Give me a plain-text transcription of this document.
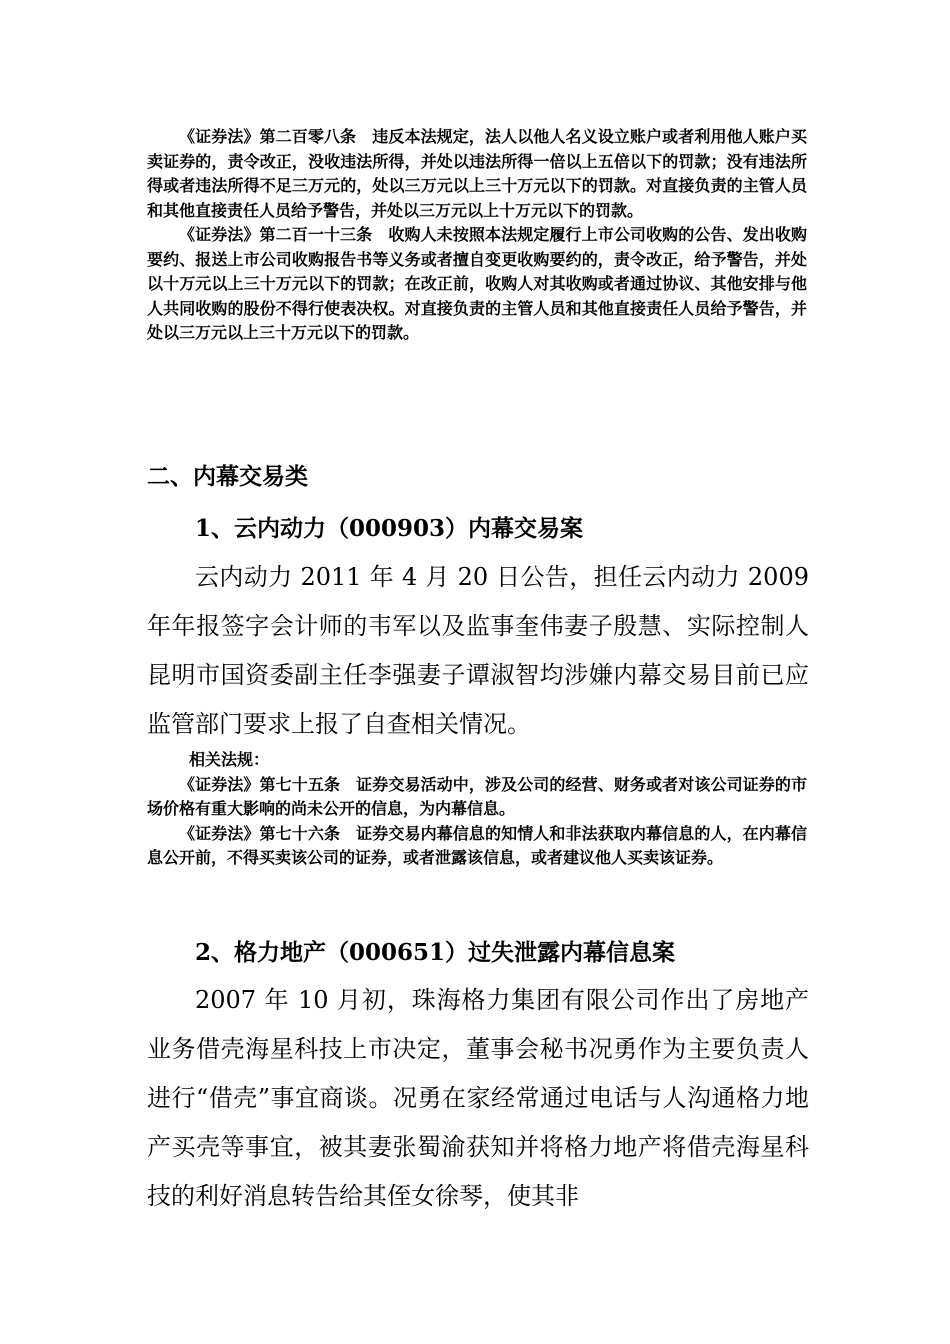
《证券法》第二百零八条　违反本法规定，法人以他人名义设立账户或者利用他人账户买卖证券的，责令改正，没收违法所得，并处以违法所得一倍以上五倍以下的罚款；没有违法所得或者违法所得不足三万元的，处以三万元以上三十万元以下的罚款。对直接负责的主管人员和其他直接责任人员给予警告，并处以三万元以上十万元以下的罚款。

《证券法》第二百一十三条　收购人未按照本法规定履行上市公司收购的公告、发出收购要约、报送上市公司收购报告书等义务或者擅自变更收购要约的，责令改正，给予警告，并处以十万元以上三十万元以下的罚款；在改正前，收购人对其收购或者通过协议、其他安排与他人共同收购的股份不得行使表决权。对直接负责的主管人员和其他直接责任人员给予警告，并处以三万元以上三十万元以下的罚款。

二、内幕交易类
1、云内动力（000903）内幕交易案

云内动力 2011 年 4 月 20 日公告，担任云内动力 2009 年年报签字会计师的韦军以及监事奎伟妻子殷慧、实际控制人昆明市国资委副主任李强妻子谭淑智均涉嫌内幕交易目前已应监管部门要求上报了自查相关情况。

相关法规：

《证券法》第七十五条　证券交易活动中，涉及公司的经营、财务或者对该公司证券的市场价格有重大影响的尚未公开的信息，为内幕信息。

《证券法》第七十六条　证券交易内幕信息的知情人和非法获取内幕信息的人，在内幕信息公开前，不得买卖该公司的证券，或者泄露该信息，或者建议他人买卖该证券。

2、格力地产（000651）过失泄露内幕信息案

2007 年 10 月初，珠海格力集团有限公司作出了房地产业务借壳海星科技上市决定，董事会秘书况勇作为主要负责人进行“借壳”事宜商谈。况勇在家经常通过电话与人沟通格力地产买壳等事宜，被其妻张蜀渝获知并将格力地产将借壳海星科技的利好消息转告给其侄女徐琴，使其非
